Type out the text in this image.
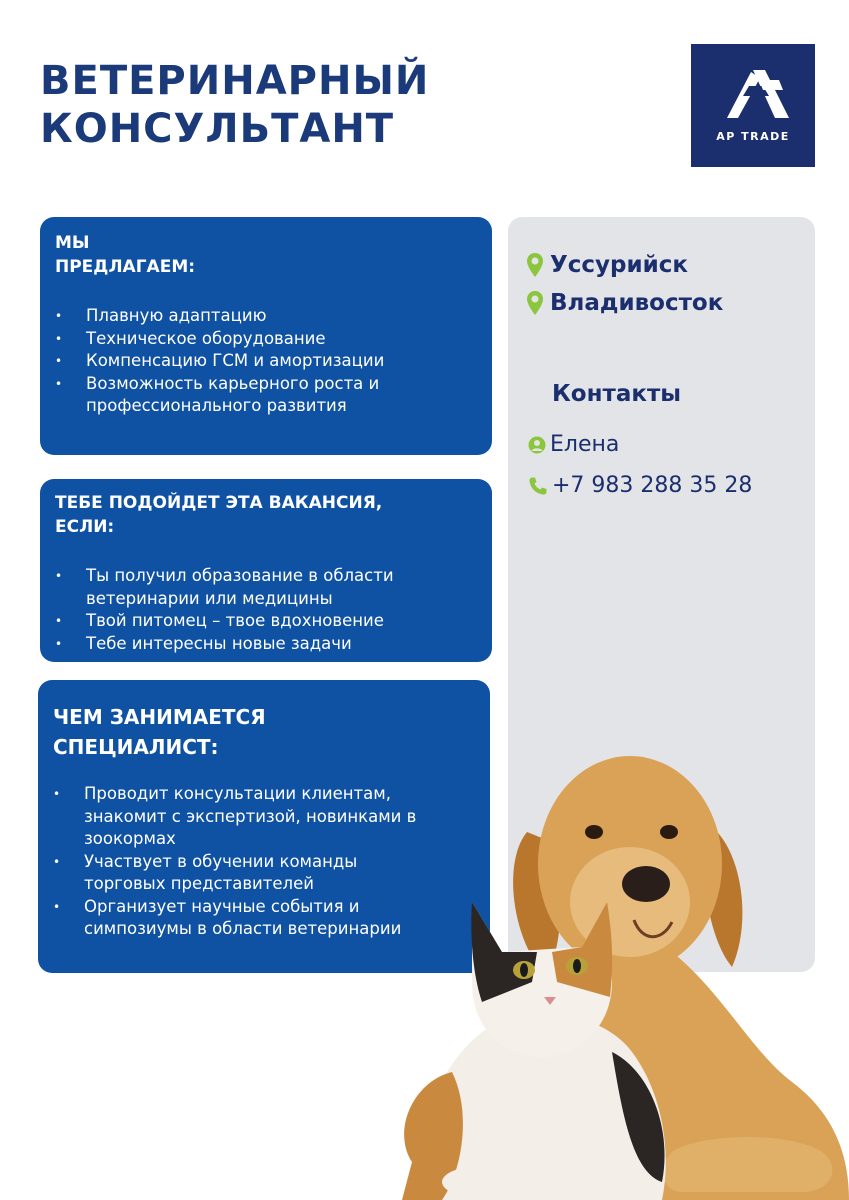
ВЕТЕРИНАРНЫЙ
КОНСУЛЬТАНТ	AP TRADE
МЫ
ПРЕДЛАГАЕМ:
• Плавную адаптацию
• Техническое оборудование
• Компенсацию ГСМ и амортизации
• Возможность карьерного роста и профессионального развития
ТЕБЕ ПОДОЙДЕТ ЭТА ВАКАНСИЯ,
ЕСЛИ:
• Ты получил образование в области ветеринарии или медицины
• Твой питомец – твое вдохновение
• Тебе интересны новые задачи
ЧЕМ ЗАНИМАЕТСЯ
СПЕЦИАЛИСТ:
• Проводит консультации клиентам, знакомит с экспертизой, новинками в зоокормах
• Участвует в обучении команды торговых представителей
• Организует научные события и симпозиумы в области ветеринарии
Уссурийск
Владивосток
Контакты
Елена
+7 983 288 35 28
